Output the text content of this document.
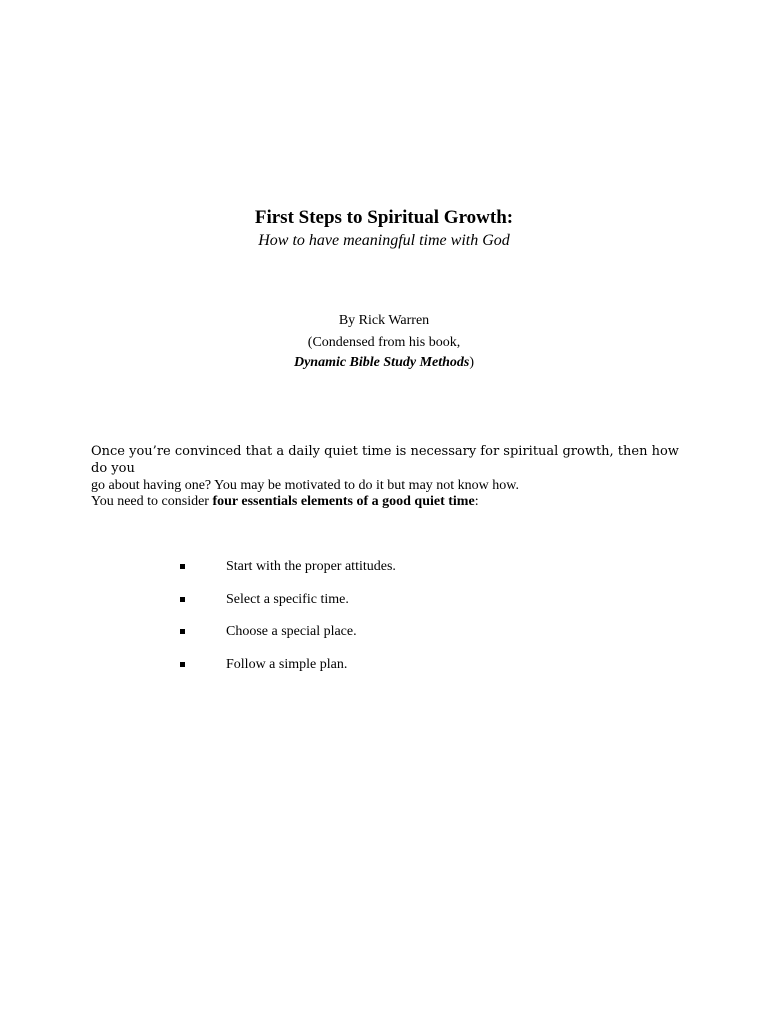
First Steps to Spiritual Growth:
How to have meaningful time with God
By Rick Warren
(Condensed from his book,
Dynamic Bible Study Methods)
Once you’re convinced that a daily quiet time is necessary for spiritual growth, then how do you
go about having one? You may be motivated to do it but may not know how.
You need to consider four essentials elements of a good quiet time:
Start with the proper attitudes.
Select a specific time.
Choose a special place.
Follow a simple plan.
